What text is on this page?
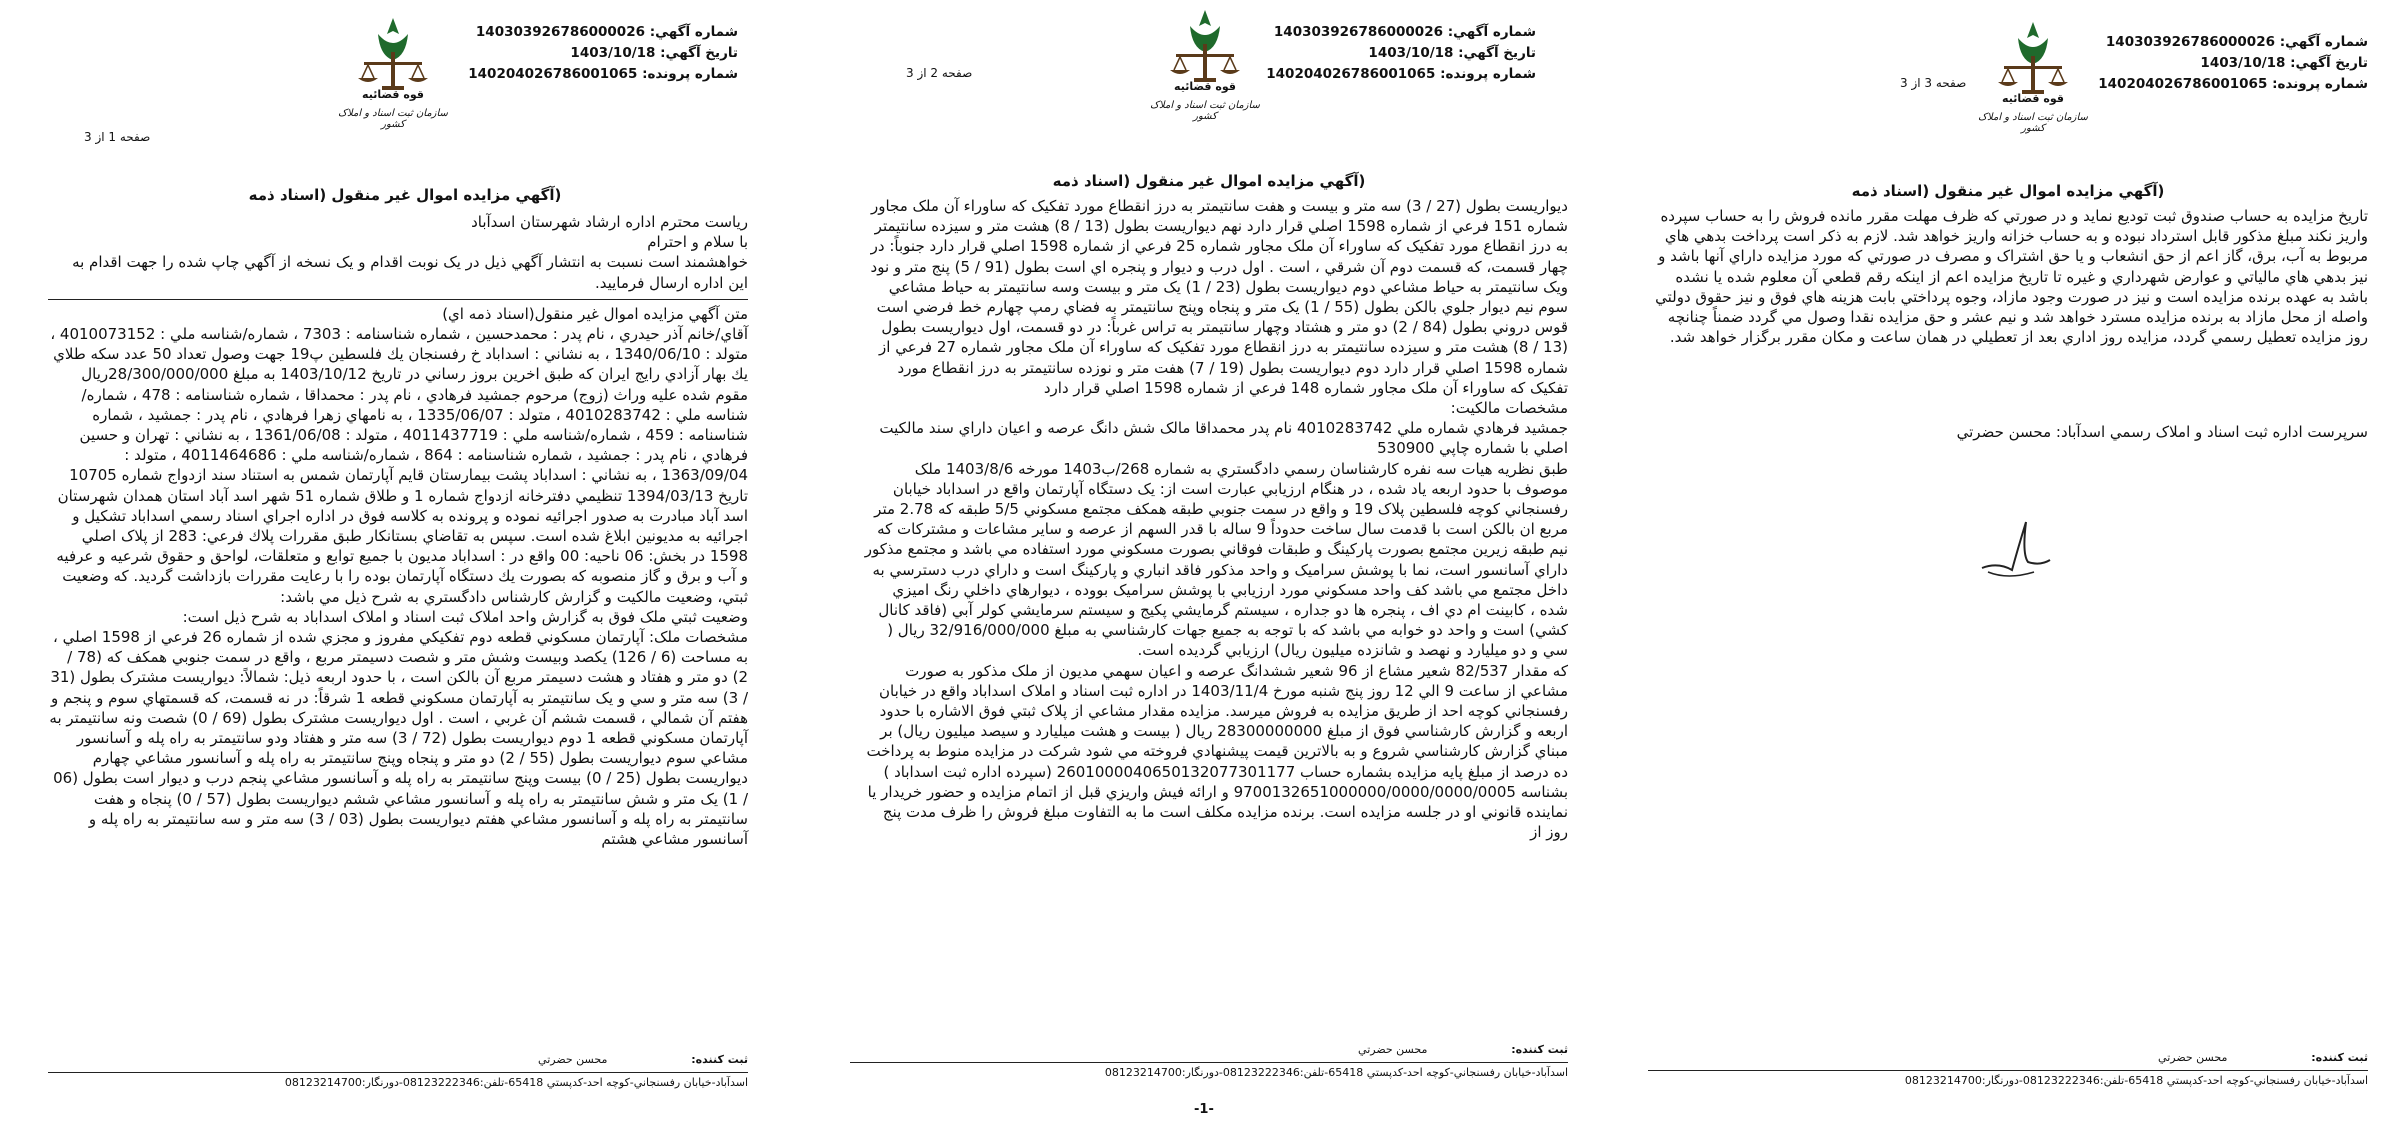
شماره آگهي: 140303926786000026
تاريخ آگهي: 1403/10/18
شماره پرونده: 140204026786001065
قوه قضائيه
سازمان ثبت اسناد و املاک کشور
صفحه 1 از 3
(آگهي مزايده اموال غير منقول (اسناد ذمه

رياست محترم اداره ارشاد شهرستان اسدآباد

با سلام و احترام

خواهشمند است نسبت به انتشار آگهي ذيل در يک نوبت اقدام و يک نسخه از آگهي چاپ شده را جهت اقدام به اين اداره ارسال فرماييد.

متن آگهي مزايده اموال غير منقول(اسناد ذمه اي)

آقاي/خانم آذر حيدري ، نام پدر : محمدحسين ، شماره شناسنامه : 7303 ، شماره/شناسه ملي : 4010073152 ، متولد : 1340/06/10 ، به نشاني : اسداباد خ رفسنجان يك فلسطين پ19 جهت وصول تعداد 50 عدد سكه طلاي يك بهار آزادي رايج ايران كه طبق اخرين بروز رساني در تاريخ 1403/10/12 به مبلغ 28/300/000/000ريال مقوم شده عليه وراث (زوج) مرحوم جمشيد فرهادي ، نام پدر : محمداقا ، شماره شناسنامه : 478 ، شماره/شناسه ملي : 4010283742 ، متولد : 1335/06/07 ، به نامهاي زهرا فرهادي ، نام پدر : جمشيد ، شماره شناسنامه : 459 ، شماره/شناسه ملي : 4011437719 ، متولد : 1361/06/08 ، به نشاني : تهران و حسين فرهادي ، نام پدر : جمشيد ، شماره شناسنامه : 864 ، شماره/شناسه ملي : 4011464686 ، متولد : 1363/09/04 ، به نشاني : اسداباد پشت بيمارستان قايم آپارتمان شمس به استناد سند ازدواج شماره 10705 تاريخ 1394/03/13 تنظيمي دفترخانه ازدواج شماره 1 و طلاق شماره 51 شهر اسد آباد استان همدان شهرستان اسد آباد مبادرت به صدور اجرائيه نموده و پرونده به كلاسه فوق در اداره اجراي اسناد رسمي اسداباد تشكيل و اجرائيه به مديونين ابلاغ شده است. سپس به تقاضاي بستانكار طبق مقررات پلاك فرعي: 283 از پلاک اصلي 1598 در بخش: 06 ناحيه: 00 واقع در : اسداباد مديون با جميع توابع و متعلقات، لواحق و حقوق شرعيه و عرفيه و آب و برق و گاز منصوبه كه بصورت يك دستگاه آپارتمان بوده را با رعايت مقررات بازداشت گرديد. كه وضعيت ثبتي، وضعيت مالكيت و گزارش كارشناس دادگستري به شرح ذيل مي باشد:

وضعيت ثبتي ملک فوق به گزارش واحد املاک ثبت اسناد و املاک اسداباد به شرح ذيل است:

مشخصات ملک: آپارتمان مسکوني قطعه دوم تفکيکي مفروز و مجزي شده از شماره 26 فرعي از 1598 اصلي ، به مساحت (6 / 126) يکصد وبيست وشش متر و شصت دسيمتر مربع ، واقع در سمت جنوبي همکف که (78 / 2) دو متر و هفتاد و هشت دسيمتر مربع آن بالکن است ، با حدود اربعه ذيل: شمالاً: ديواريست مشترک بطول (31 / 3) سه متر و سي و يک سانتيمتر به آپارتمان مسکوني قطعه 1 شرقاً: در نه قسمت، که قسمتهاي سوم و پنجم و هفتم آن شمالي ، قسمت ششم آن غربي ، است . اول ديواريست مشترک بطول (69 / 0) شصت ونه سانتيمتر به آپارتمان مسکوني قطعه 1 دوم ديواريست بطول (72 / 3) سه متر و هفتاد ودو سانتيمتر به راه پله و آسانسور مشاعي سوم ديواريست بطول (55 / 2) دو متر و پنجاه وپنج سانتيمتر به راه پله و آسانسور مشاعي چهارم ديواريست بطول (25 / 0) بيست وپنج سانتيمتر به راه پله و آسانسور مشاعي پنجم درب و ديوار است بطول (06 / 1) يک متر و شش سانتيمتر به راه پله و آسانسور مشاعي ششم ديواريست بطول (57 / 0) پنجاه و هفت سانتيمتر به راه پله و آسانسور مشاعي هفتم ديواريست بطول (03 / 3) سه متر و سه سانتيمتر به راه پله و آسانسور مشاعي هشتم

ثبت کننده:                        محسن حضرتي
اسدآباد-خيابان رفسنجاني-کوچه احد-کدپستي 65418-تلفن:08123222346-دورنگار:08123214700
شماره آگهي: 140303926786000026
تاريخ آگهي: 1403/10/18
شماره پرونده: 140204026786001065
قوه قضائيه
سازمان ثبت اسناد و املاک کشور
صفحه 2 از 3
(آگهي مزايده اموال غير منقول (اسناد ذمه

ديواريست بطول (27 / 3) سه متر و بيست و هفت سانتيمتر به درز انقطاع مورد تفکيک که ساوراء آن ملک مجاور شماره 151 فرعي از شماره 1598 اصلي قرار دارد نهم ديواريست بطول (13 / 8) هشت متر و سيزده سانتيمتر به درز انقطاع مورد تفکيک که ساوراء آن ملک مجاور شماره 25 فرعي از شماره 1598 اصلي قرار دارد جنوباً: در چهار قسمت، که قسمت دوم آن شرقي ، است . اول درب و ديوار و پنجره اي است بطول (91 / 5) پنج متر و نود ويک سانتيمتر به حياط مشاعي دوم ديواريست بطول (23 / 1) يک متر و بيست وسه سانتيمتر به حياط مشاعي سوم نيم ديوار جلوي بالکن بطول (55 / 1) يک متر و پنجاه وپنج سانتيمتر به فضاي رمپ چهارم خط فرضي است قوس دروني بطول (84 / 2) دو متر و هشتاد وچهار سانتيمتر به تراس غرباً: در دو قسمت، اول ديواريست بطول (13 / 8) هشت متر و سيزده سانتيمتر به درز انقطاع مورد تفکيک که ساوراء آن ملک مجاور شماره 27 فرعي از شماره 1598 اصلي قرار دارد دوم ديواريست بطول (19 / 7) هفت متر و نوزده سانتيمتر به درز انقطاع مورد تفکيک که ساوراء آن ملک مجاور شماره 148 فرعي از شماره 1598 اصلي قرار دارد

مشخصات مالکيت:

جمشيد فرهادي شماره ملي 4010283742 نام پدر محمداقا مالک شش دانگ عرصه و اعيان داراي سند مالکيت اصلي با شماره چاپي 530900

طبق نظريه هيات سه نفره کارشناسان رسمي دادگستري به شماره 268/ب1403 مورخه 1403/8/6 ملک موصوف با حدود اربعه ياد شده ، در هنگام ارزيابي عبارت است از: يک دستگاه آپارتمان واقع در اسداباد خيابان رفسنجاني کوچه فلسطين پلاک 19 و واقع در سمت جنوبي طبقه همکف مجتمع مسکوني 5/5 طبقه که 2.78 متر مربع ان بالکن است با قدمت سال ساخت حدوداً 9 ساله با قدر السهم از عرصه و ساير مشاعات و مشترکات که نيم طبقه زيرين مجتمع بصورت پارکينگ و طبقات فوقاني بصورت مسکوني مورد استفاده مي باشد و مجتمع مذکور داراي آسانسور است، نما با پوشش سراميک و واحد مذکور فاقد انباري و پارکينگ است و داراي درب دسترسي به داخل مجتمع مي باشد کف واحد مسکوني مورد ارزيابي با پوشش سراميک بووده ، ديوارهاي داخلي رنگ اميزي شده ، کابينت ام دي اف ، پنجره ها دو جداره ، سيستم گرمايشي پکيج و سيستم سرمايشي کولر آبي (فاقد کانال کشي) است و واحد دو خوابه مي باشد که با توجه به جميع جهات کارشناسي به مبلغ 32/916/000/000 ريال ( سي و دو ميليارد و نهصد و شانزده ميليون ريال) ارزيابي گرديده است.

که مقدار 82/537 شعير مشاع از 96 شعير ششدانگ عرصه و اعيان سهمي مديون از ملک مذکور به صورت مشاعي از ساعت 9 الي 12 روز پنج شنبه مورخ 1403/11/4 در اداره ثبت اسناد و املاک اسداباد واقع در خيابان رفسنجاني کوچه احد از طريق مزايده به فروش ميرسد. مزايده مقدار مشاعي از پلاک ثبتي فوق الاشاره با حدود اربعه و گزارش کارشناسي فوق از مبلغ 28300000000 ريال ( بيست و هشت ميليارد و سيصد ميليون ريال) بر مبناي گزارش کارشناسي شروع و به بالاترين قيمت پيشنهادي فروخته مي شود شرکت در مزايده منوط به پرداخت ده درصد از مبلغ پايه مزايده بشماره حساب 2601000040650132077301177 (سپرده اداره ثبت اسداباد ) بشناسه 9700132651000000/0000/0000/0005 و ارائه فيش واريزي قبل از اتمام مزايده و حضور خريدار يا نماينده قانوني او در جلسه مزايده است. برنده مزايده مکلف است ما به التفاوت مبلغ فروش را ظرف مدت پنج روز از

ثبت کننده:                        محسن حضرتي
اسدآباد-خيابان رفسنجاني-کوچه احد-کدپستي 65418-تلفن:08123222346-دورنگار:08123214700
-1-
شماره آگهي: 140303926786000026
تاريخ آگهي: 1403/10/18
شماره پرونده: 140204026786001065
قوه قضائيه
سازمان ثبت اسناد و املاک کشور
صفحه 3 از 3
(آگهي مزايده اموال غير منقول (اسناد ذمه

تاريخ مزايده به حساب صندوق ثبت توديع نمايد و در صورتي که ظرف مهلت مقرر مانده فروش را به حساب سپرده واريز نکند مبلغ مذکور قابل استرداد نبوده و به حساب خزانه واريز خواهد شد. لازم به ذکر است پرداخت بدهي هاي مربوط به آب، برق، گاز اعم از حق انشعاب و يا حق اشتراک و مصرف در صورتي که مورد مزايده داراي آنها باشد و نيز بدهي هاي مالياتي و عوارض شهرداري و غيره تا تاريخ مزايده اعم از اينکه رقم قطعي آن معلوم شده يا نشده باشد به عهده برنده مزايده است و نيز در صورت وجود مازاد، وجوه پرداختي بابت هزينه هاي فوق و نيز حقوق دولتي واصله از محل مازاد به برنده مزايده مسترد خواهد شد و نيم عشر و حق مزايده نقدا وصول مي گردد ضمناً چنانچه روز مزايده تعطيل رسمي گردد، مزايده روز اداري بعد از تعطيلي در همان ساعت و مکان مقرر برگزار خواهد شد.

سرپرست اداره ثبت اسناد و املاک رسمي اسدآباد: محسن حضرتي

ثبت کننده:                        محسن حضرتي
اسدآباد-خيابان رفسنجاني-کوچه احد-کدپستي 65418-تلفن:08123222346-دورنگار:08123214700
